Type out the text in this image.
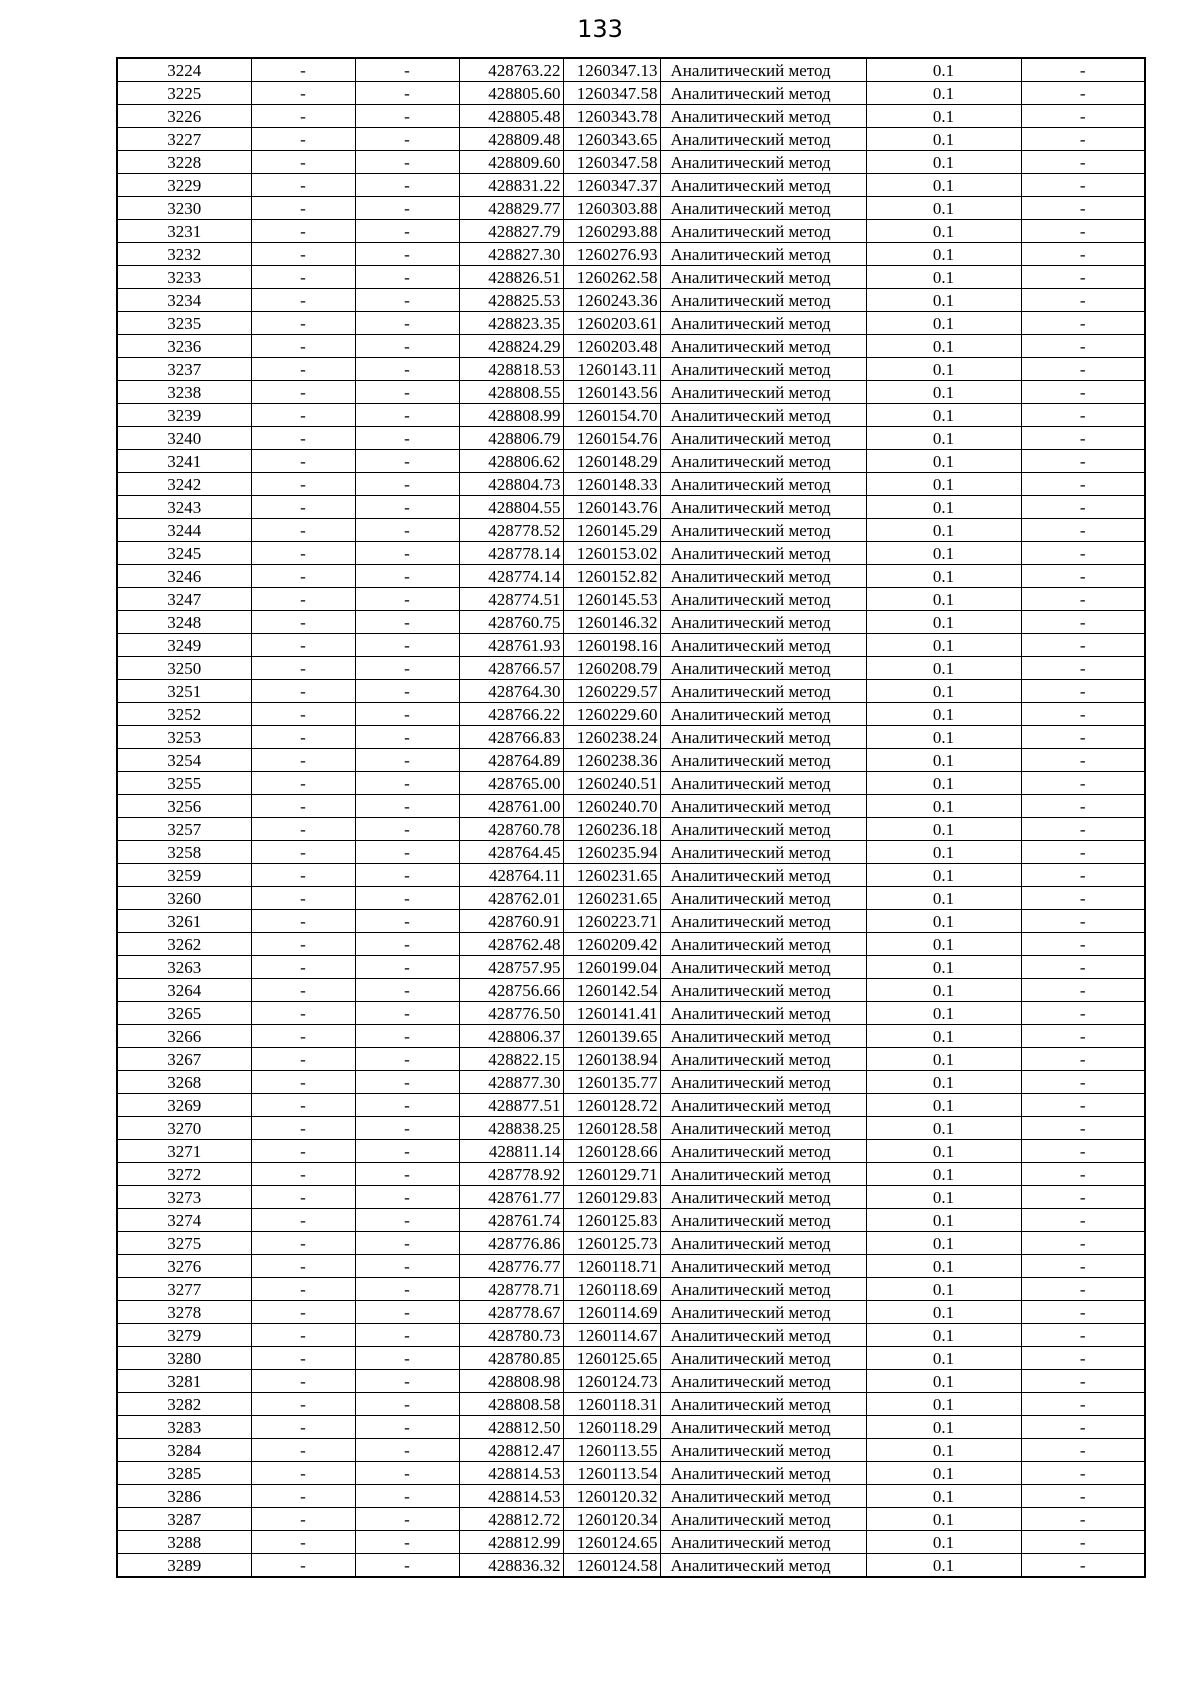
133
3224	-	-	428763.22	1260347.13	Аналитический метод	0.1	-
3225	-	-	428805.60	1260347.58	Аналитический метод	0.1	-
3226	-	-	428805.48	1260343.78	Аналитический метод	0.1	-
3227	-	-	428809.48	1260343.65	Аналитический метод	0.1	-
3228	-	-	428809.60	1260347.58	Аналитический метод	0.1	-
3229	-	-	428831.22	1260347.37	Аналитический метод	0.1	-
3230	-	-	428829.77	1260303.88	Аналитический метод	0.1	-
3231	-	-	428827.79	1260293.88	Аналитический метод	0.1	-
3232	-	-	428827.30	1260276.93	Аналитический метод	0.1	-
3233	-	-	428826.51	1260262.58	Аналитический метод	0.1	-
3234	-	-	428825.53	1260243.36	Аналитический метод	0.1	-
3235	-	-	428823.35	1260203.61	Аналитический метод	0.1	-
3236	-	-	428824.29	1260203.48	Аналитический метод	0.1	-
3237	-	-	428818.53	1260143.11	Аналитический метод	0.1	-
3238	-	-	428808.55	1260143.56	Аналитический метод	0.1	-
3239	-	-	428808.99	1260154.70	Аналитический метод	0.1	-
3240	-	-	428806.79	1260154.76	Аналитический метод	0.1	-
3241	-	-	428806.62	1260148.29	Аналитический метод	0.1	-
3242	-	-	428804.73	1260148.33	Аналитический метод	0.1	-
3243	-	-	428804.55	1260143.76	Аналитический метод	0.1	-
3244	-	-	428778.52	1260145.29	Аналитический метод	0.1	-
3245	-	-	428778.14	1260153.02	Аналитический метод	0.1	-
3246	-	-	428774.14	1260152.82	Аналитический метод	0.1	-
3247	-	-	428774.51	1260145.53	Аналитический метод	0.1	-
3248	-	-	428760.75	1260146.32	Аналитический метод	0.1	-
3249	-	-	428761.93	1260198.16	Аналитический метод	0.1	-
3250	-	-	428766.57	1260208.79	Аналитический метод	0.1	-
3251	-	-	428764.30	1260229.57	Аналитический метод	0.1	-
3252	-	-	428766.22	1260229.60	Аналитический метод	0.1	-
3253	-	-	428766.83	1260238.24	Аналитический метод	0.1	-
3254	-	-	428764.89	1260238.36	Аналитический метод	0.1	-
3255	-	-	428765.00	1260240.51	Аналитический метод	0.1	-
3256	-	-	428761.00	1260240.70	Аналитический метод	0.1	-
3257	-	-	428760.78	1260236.18	Аналитический метод	0.1	-
3258	-	-	428764.45	1260235.94	Аналитический метод	0.1	-
3259	-	-	428764.11	1260231.65	Аналитический метод	0.1	-
3260	-	-	428762.01	1260231.65	Аналитический метод	0.1	-
3261	-	-	428760.91	1260223.71	Аналитический метод	0.1	-
3262	-	-	428762.48	1260209.42	Аналитический метод	0.1	-
3263	-	-	428757.95	1260199.04	Аналитический метод	0.1	-
3264	-	-	428756.66	1260142.54	Аналитический метод	0.1	-
3265	-	-	428776.50	1260141.41	Аналитический метод	0.1	-
3266	-	-	428806.37	1260139.65	Аналитический метод	0.1	-
3267	-	-	428822.15	1260138.94	Аналитический метод	0.1	-
3268	-	-	428877.30	1260135.77	Аналитический метод	0.1	-
3269	-	-	428877.51	1260128.72	Аналитический метод	0.1	-
3270	-	-	428838.25	1260128.58	Аналитический метод	0.1	-
3271	-	-	428811.14	1260128.66	Аналитический метод	0.1	-
3272	-	-	428778.92	1260129.71	Аналитический метод	0.1	-
3273	-	-	428761.77	1260129.83	Аналитический метод	0.1	-
3274	-	-	428761.74	1260125.83	Аналитический метод	0.1	-
3275	-	-	428776.86	1260125.73	Аналитический метод	0.1	-
3276	-	-	428776.77	1260118.71	Аналитический метод	0.1	-
3277	-	-	428778.71	1260118.69	Аналитический метод	0.1	-
3278	-	-	428778.67	1260114.69	Аналитический метод	0.1	-
3279	-	-	428780.73	1260114.67	Аналитический метод	0.1	-
3280	-	-	428780.85	1260125.65	Аналитический метод	0.1	-
3281	-	-	428808.98	1260124.73	Аналитический метод	0.1	-
3282	-	-	428808.58	1260118.31	Аналитический метод	0.1	-
3283	-	-	428812.50	1260118.29	Аналитический метод	0.1	-
3284	-	-	428812.47	1260113.55	Аналитический метод	0.1	-
3285	-	-	428814.53	1260113.54	Аналитический метод	0.1	-
3286	-	-	428814.53	1260120.32	Аналитический метод	0.1	-
3287	-	-	428812.72	1260120.34	Аналитический метод	0.1	-
3288	-	-	428812.99	1260124.65	Аналитический метод	0.1	-
3289	-	-	428836.32	1260124.58	Аналитический метод	0.1	-
